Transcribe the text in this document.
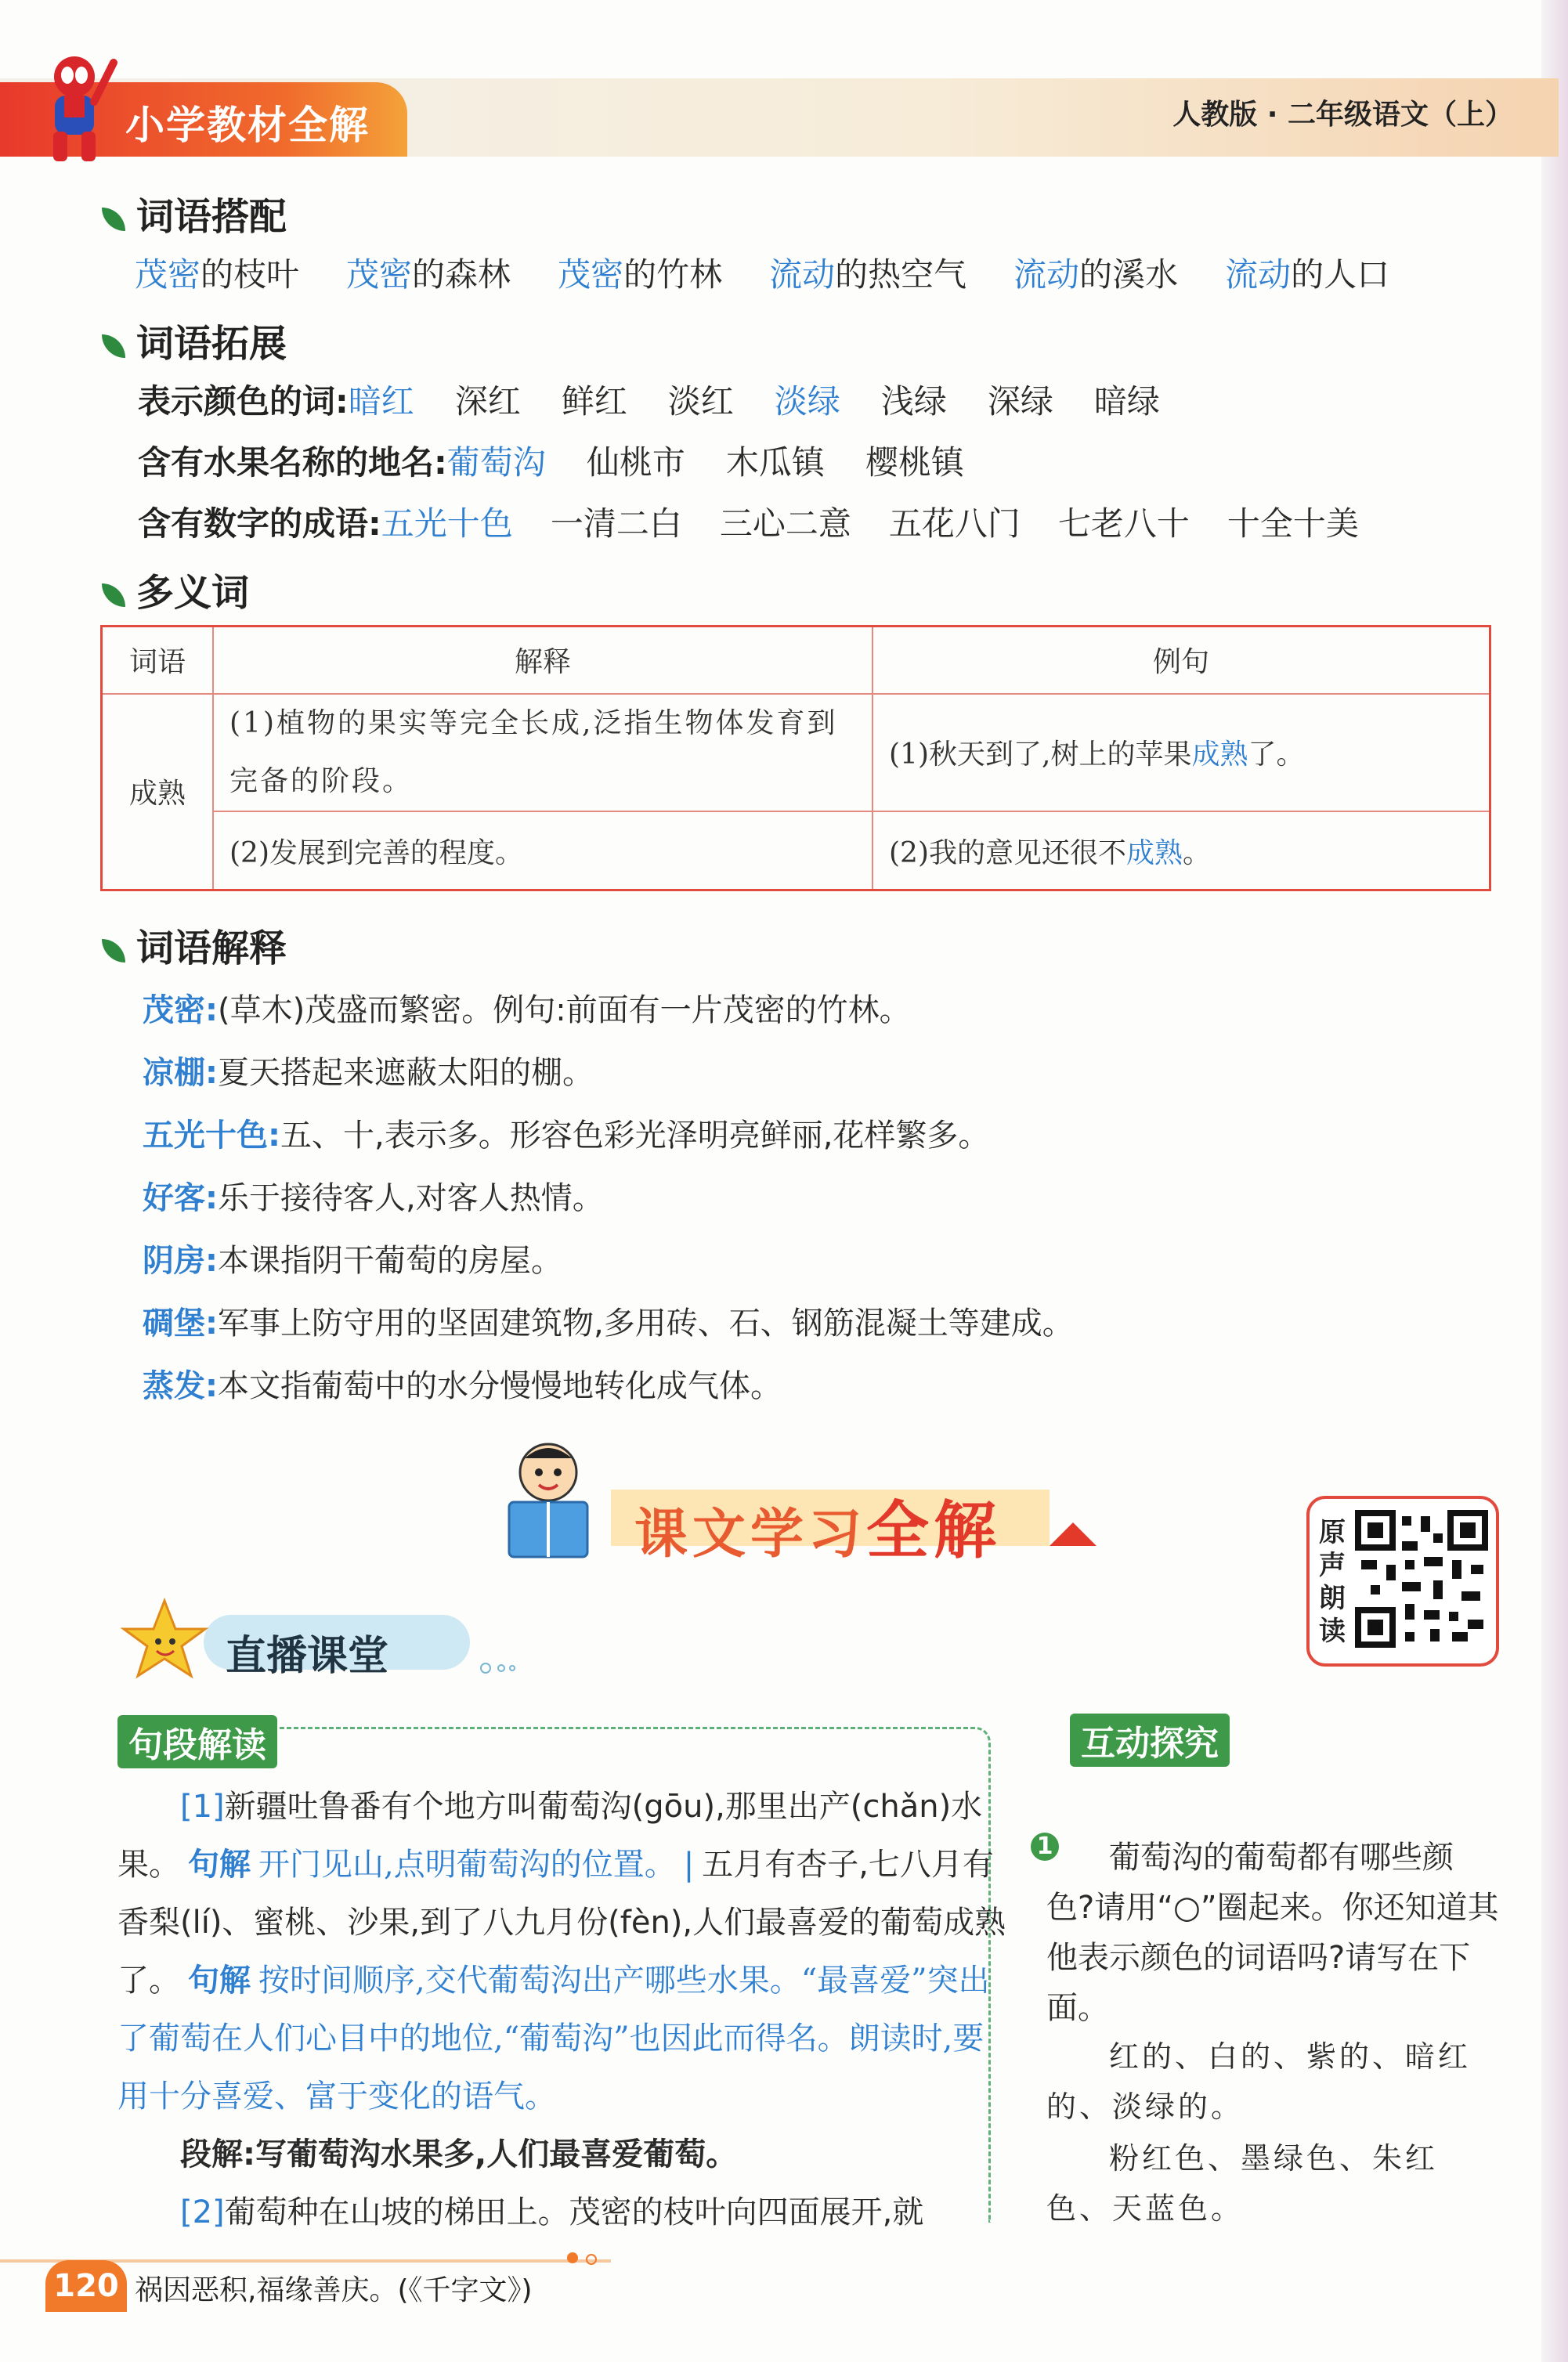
小学教材全解	人教版 · 二年级语文（上）
词语搭配
茂密的枝叶 茂密的森林 茂密的竹林 流动的热空气 流动的溪水 流动的人口
词语拓展
表示颜色的词:暗红 深红 鲜红 淡红 淡绿 浅绿 深绿 暗绿
含有水果名称的地名:葡萄沟 仙桃市 木瓜镇 樱桃镇
含有数字的成语:五光十色 一清二白 三心二意 五花八门 七老八十 十全十美
多义词
词语	解释	例句
成熟	(1)植物的果实等完全长成,泛指生物体发育到完备的阶段。	(1)秋天到了,树上的苹果成熟了。
	(2)发展到完善的程度。	(2)我的意见还很不成熟。
词语解释
茂密:(草木)茂盛而繁密。例句:前面有一片茂密的竹林。
凉棚:夏天搭起来遮蔽太阳的棚。
五光十色:五、十,表示多。形容色彩光泽明亮鲜丽,花样繁多。
好客:乐于接待客人,对客人热情。
阴房:本课指阴干葡萄的房屋。
碉堡:军事上防守用的坚固建筑物,多用砖、石、钢筋混凝土等建成。
蒸发:本文指葡萄中的水分慢慢地转化成气体。
课文学习全解	原声朗读
直播课堂
句段解读	互动探究
[1]新疆吐鲁番有个地方叫葡萄沟(gōu),那里出产(chǎn)水果。 句解 开门见山,点明葡萄沟的位置。 | 五月有杏子,七八月有香梨(lí)、蜜桃、沙果,到了八九月份(fèn),人们最喜爱的葡萄成熟了。 句解 按时间顺序,交代葡萄沟出产哪些水果。“最喜爱”突出了葡萄在人们心目中的地位,“葡萄沟”也因此而得名。朗读时,要用十分喜爱、富于变化的语气。
段解:写葡萄沟水果多,人们最喜爱葡萄。
[2]葡萄种在山坡的梯田上。茂密的枝叶向四面展开,就
1	葡萄沟的葡萄都有哪些颜色?请用“○”圈起来。你还知道其他表示颜色的词语吗?请写在下面。
红的、白的、紫的、暗红的、淡绿的。
粉红色、墨绿色、朱红色、天蓝色。
120 祸因恶积,福缘善庆。(《千字文》)
